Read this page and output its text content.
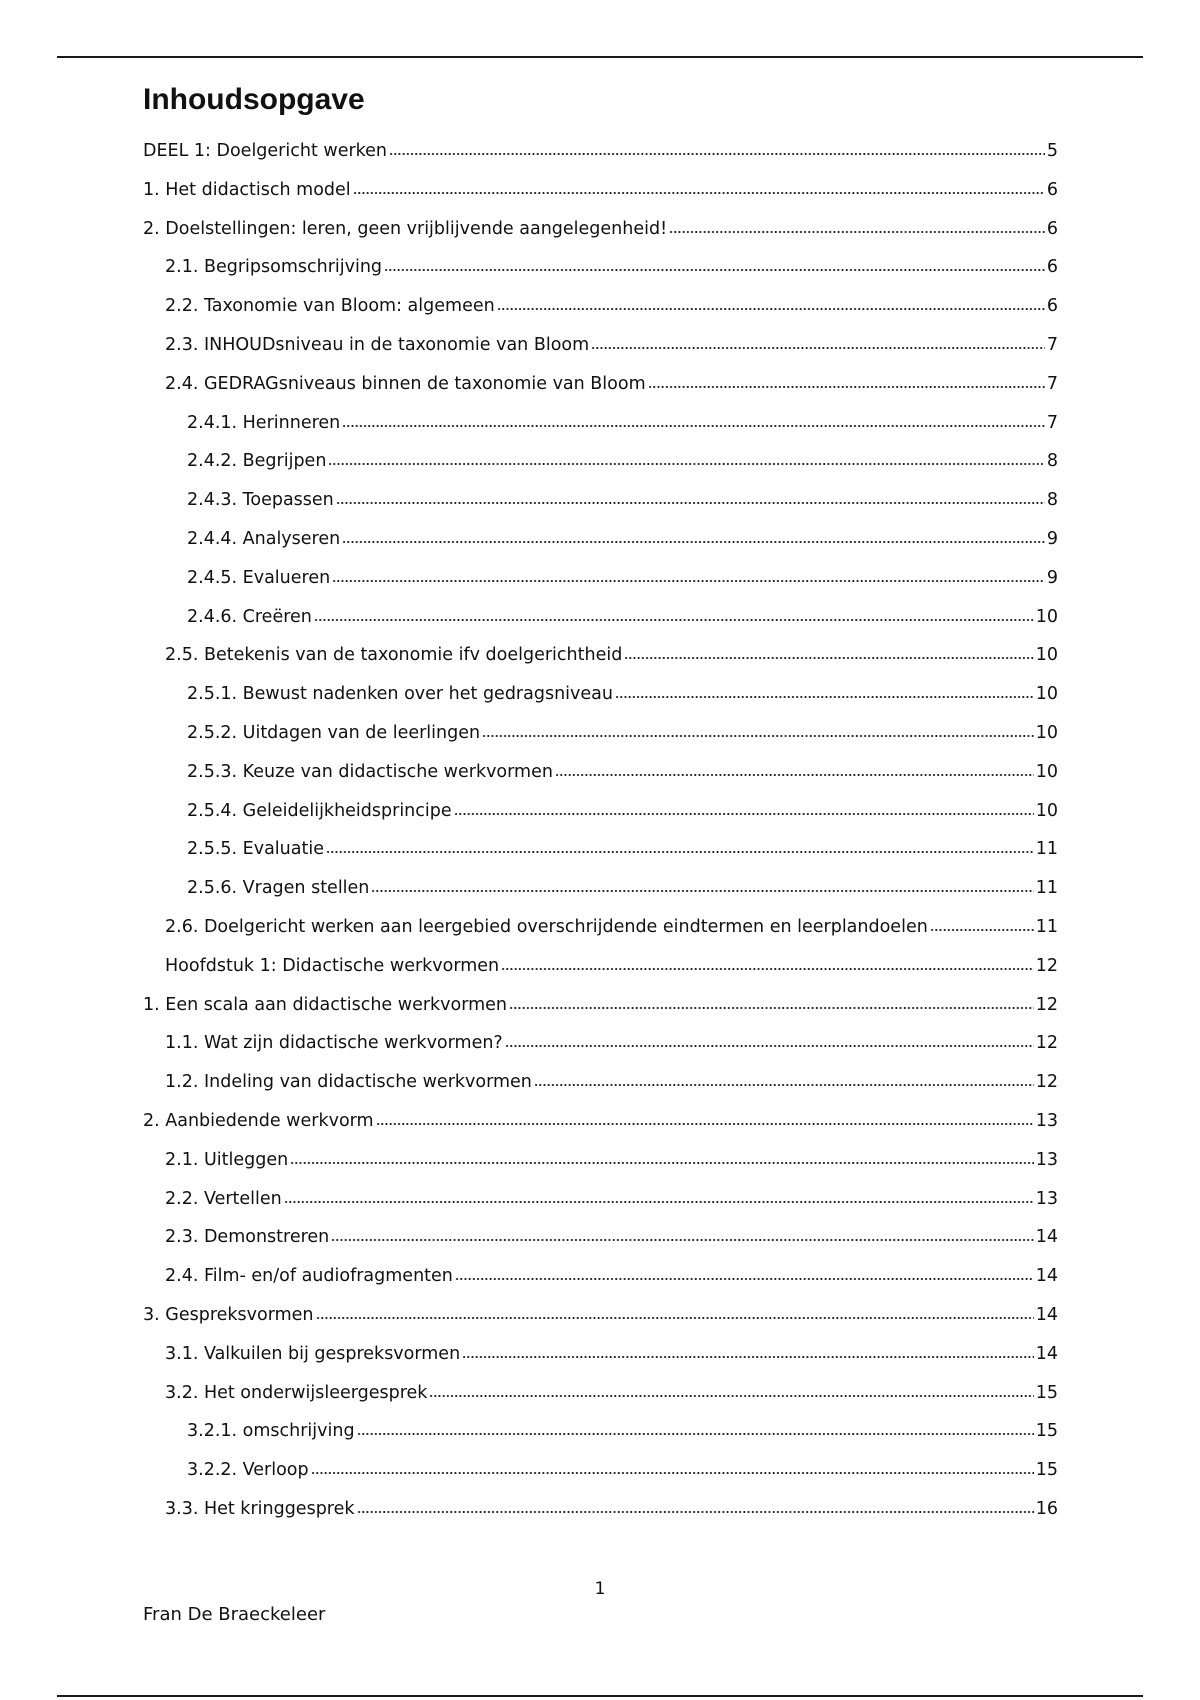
Inhoudsopgave
DEEL 1: Doelgericht werken	5
1. Het didactisch model	6
2. Doelstellingen: leren, geen vrijblijvende aangelegenheid!	6
2.1. Begripsomschrijving	6
2.2. Taxonomie van Bloom: algemeen	6
2.3. INHOUDsniveau in de taxonomie van Bloom	7
2.4. GEDRAGsniveaus binnen de taxonomie van Bloom	7
2.4.1. Herinneren	7
2.4.2. Begrijpen	8
2.4.3. Toepassen	8
2.4.4. Analyseren	9
2.4.5. Evalueren	9
2.4.6. Creëren	10
2.5. Betekenis van de taxonomie ifv doelgerichtheid	10
2.5.1. Bewust nadenken over het gedragsniveau	10
2.5.2. Uitdagen van de leerlingen	10
2.5.3. Keuze van didactische werkvormen	10
2.5.4. Geleidelijkheidsprincipe	10
2.5.5. Evaluatie	11
2.5.6. Vragen stellen	11
2.6. Doelgericht werken aan leergebied overschrijdende eindtermen en leerplandoelen	11
Hoofdstuk 1: Didactische werkvormen	12
1. Een scala aan didactische werkvormen	12
1.1. Wat zijn didactische werkvormen?	12
1.2. Indeling van didactische werkvormen	12
2. Aanbiedende werkvorm	13
2.1. Uitleggen	13
2.2. Vertellen	13
2.3. Demonstreren	14
2.4. Film- en/of audiofragmenten	14
3. Gespreksvormen	14
3.1. Valkuilen bij gespreksvormen	14
3.2. Het onderwijsleergesprek	15
3.2.1. omschrijving	15
3.2.2. Verloop	15
3.3. Het kringgesprek	16
1
Fran De Braeckeleer
